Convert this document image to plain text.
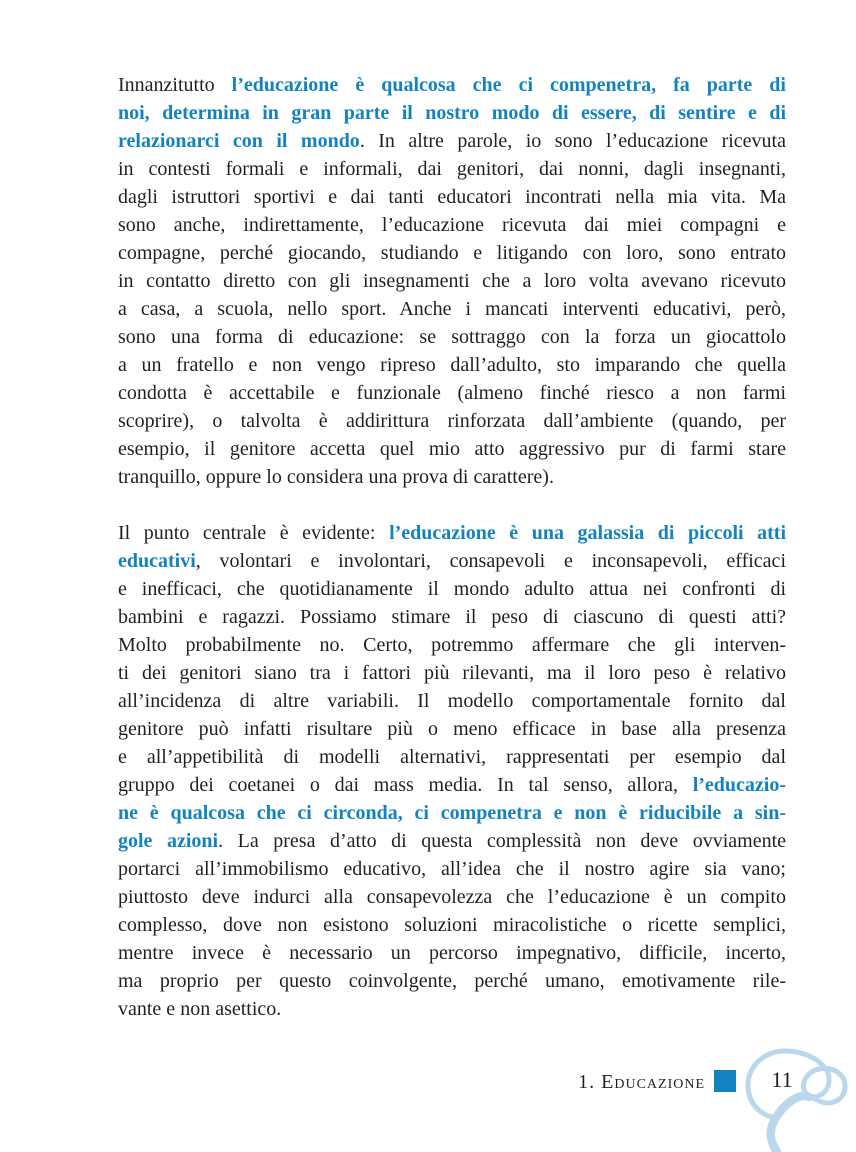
Innanzitutto l’educazione è qualcosa che ci compenetra, fa parte di
noi, determina in gran parte il nostro modo di essere, di sentire e di
relazionarci con il mondo. In altre parole, io sono l’educazione ricevuta
in contesti formali e informali, dai genitori, dai nonni, dagli insegnanti,
dagli istruttori sportivi e dai tanti educatori incontrati nella mia vita. Ma
sono anche, indirettamente, l’educazione ricevuta dai miei compagni e
compagne, perché giocando, studiando e litigando con loro, sono entrato
in contatto diretto con gli insegnamenti che a loro volta avevano ricevuto
a casa, a scuola, nello sport. Anche i mancati interventi educativi, però,
sono una forma di educazione: se sottraggo con la forza un giocattolo
a un fratello e non vengo ripreso dall’adulto, sto imparando che quella
condotta è accettabile e funzionale (almeno finché riesco a non farmi
scoprire), o talvolta è addirittura rinforzata dall’ambiente (quando, per
esempio, il genitore accetta quel mio atto aggressivo pur di farmi stare
tranquillo, oppure lo considera una prova di carattere).
Il punto centrale è evidente: l’educazione è una galassia di piccoli atti
educativi, volontari e involontari, consapevoli e inconsapevoli, efficaci
e inefficaci, che quotidianamente il mondo adulto attua nei confronti di
bambini e ragazzi. Possiamo stimare il peso di ciascuno di questi atti?
Molto probabilmente no. Certo, potremmo affermare che gli interven-
ti dei genitori siano tra i fattori più rilevanti, ma il loro peso è relativo
all’incidenza di altre variabili. Il modello comportamentale fornito dal
genitore può infatti risultare più o meno efficace in base alla presenza
e all’appetibilità di modelli alternativi, rappresentati per esempio dal
gruppo dei coetanei o dai mass media. In tal senso, allora, l’educazio-
ne è qualcosa che ci circonda, ci compenetra e non è riducibile a sin-
gole azioni. La presa d’atto di questa complessità non deve ovviamente
portarci all’immobilismo educativo, all’idea che il nostro agire sia vano;
piuttosto deve indurci alla consapevolezza che l’educazione è un compito
complesso, dove non esistono soluzioni miracolistiche o ricette semplici,
mentre invece è necessario un percorso impegnativo, difficile, incerto,
ma proprio per questo coinvolgente, perché umano, emotivamente rile-
vante e non asettico.
1. Educazione	11
